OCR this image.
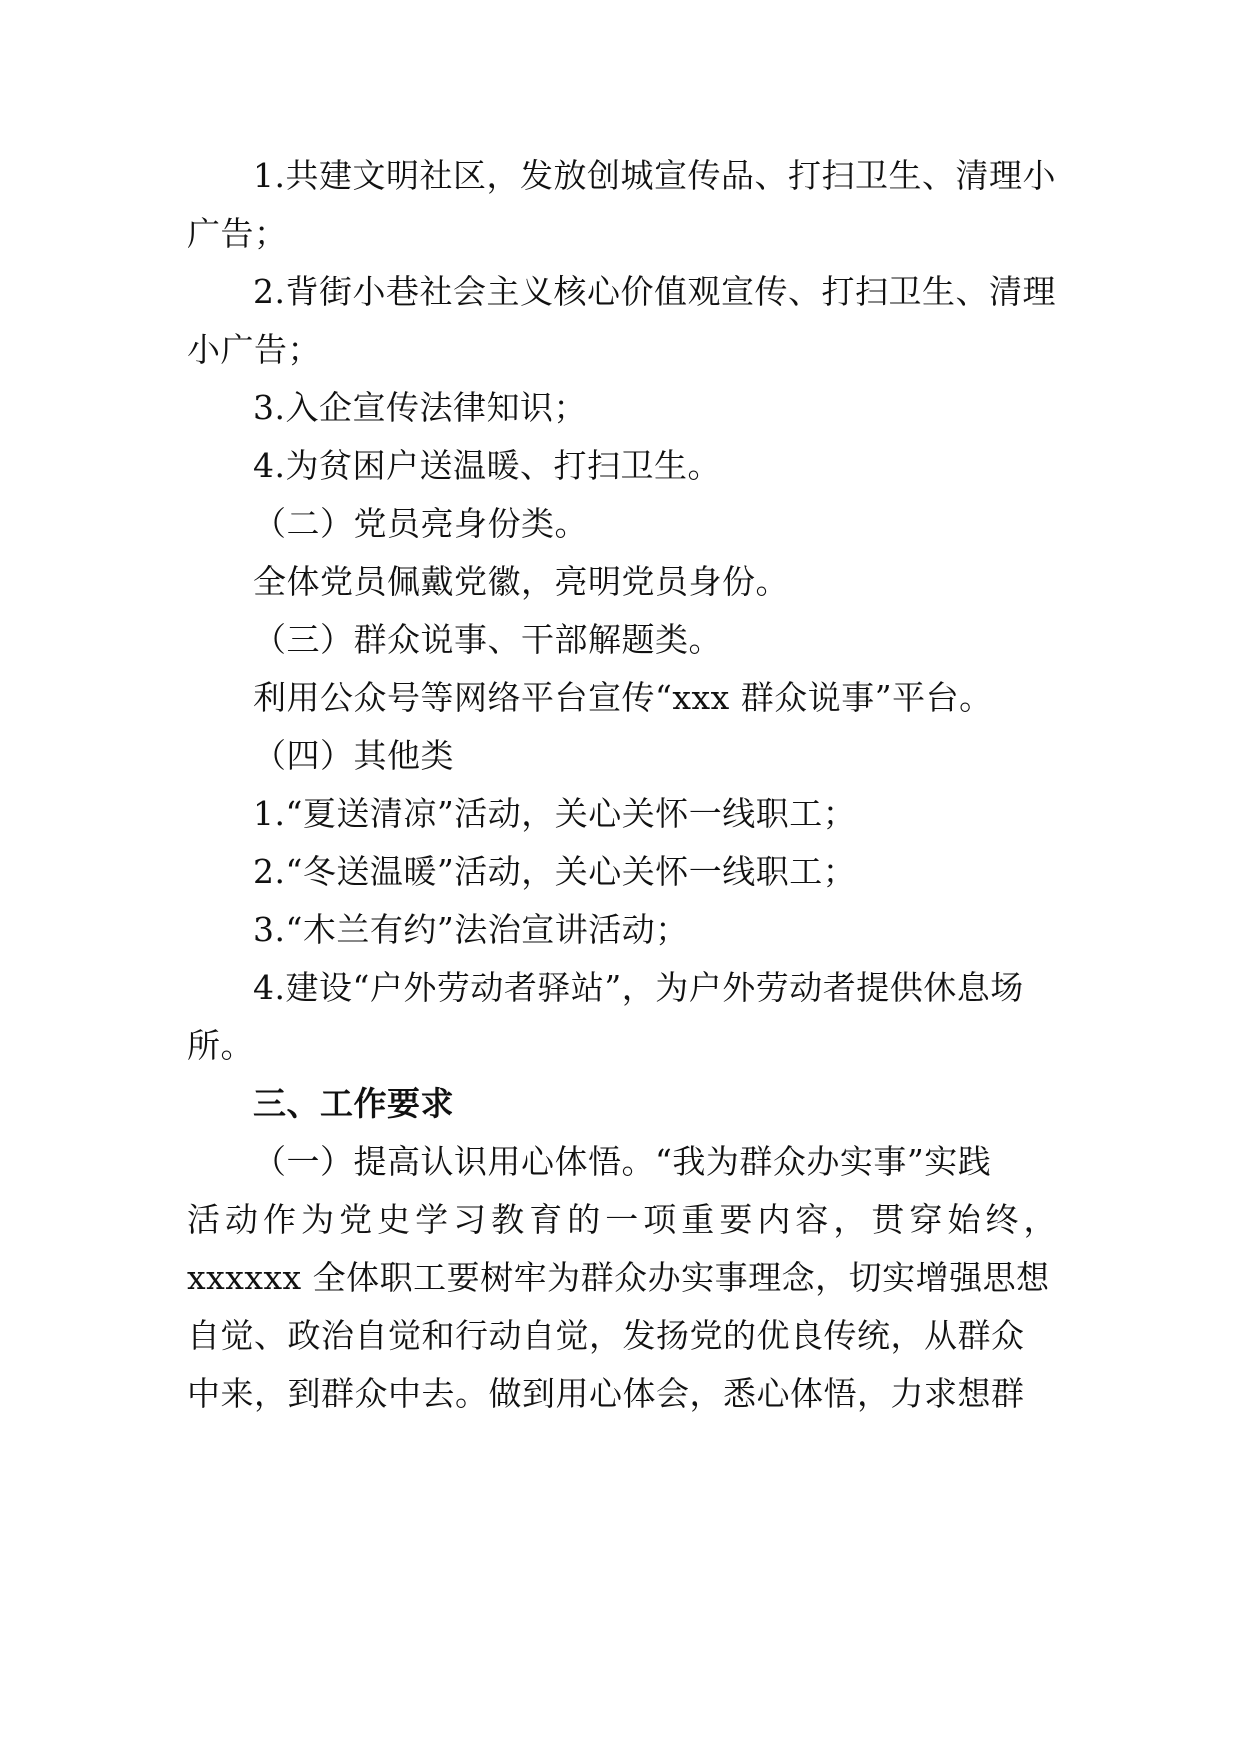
1.共建文明社区，发放创城宣传品、打扫卫生、清理小
广告；
2.背街小巷社会主义核心价值观宣传、打扫卫生、清理
小广告；
3.入企宣传法律知识；
4.为贫困户送温暖、打扫卫生。
（二）党员亮身份类。
全体党员佩戴党徽，亮明党员身份。
（三）群众说事、干部解题类。
利用公众号等网络平台宣传“xxx 群众说事”平台。
（四）其他类
1.“夏送清凉”活动，关心关怀一线职工；
2.“冬送温暖”活动，关心关怀一线职工；
3.“木兰有约”法治宣讲活动；
4.建设“户外劳动者驿站”，为户外劳动者提供休息场
所。
三、工作要求
（一）提高认识用心体悟。“我为群众办实事”实践
活动作为党史学习教育的一项重要内容，贯穿始终，
xxxxxx 全体职工要树牢为群众办实事理念，切实增强思想
自觉、政治自觉和行动自觉，发扬党的优良传统，从群众
中来，到群众中去。做到用心体会，悉心体悟，力求想群
